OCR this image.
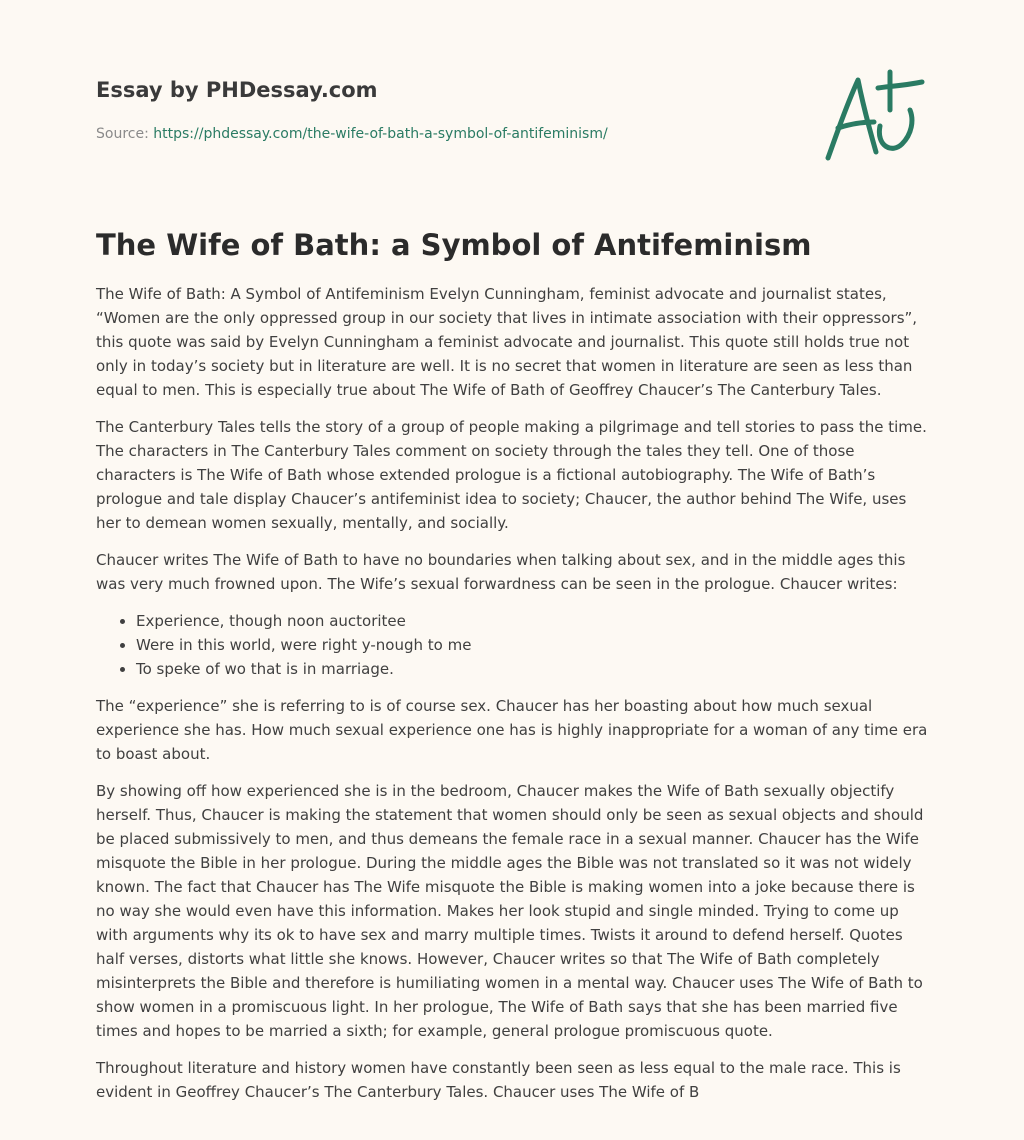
Essay by PHDessay.com
Source: https://phdessay.com/the-wife-of-bath-a-symbol-of-antifeminism/
The Wife of Bath: a Symbol of Antifeminism

The Wife of Bath: A Symbol of Antifeminism Evelyn Cunningham, feminist advocate and journalist states, “Women are the only oppressed group in our society that lives in intimate association with their oppressors”, this quote was said by Evelyn Cunningham a feminist advocate and journalist. This quote still holds true not only in today’s society but in literature are well. It is no secret that women in literature are seen as less than equal to men. This is especially true about The Wife of Bath of Geoffrey Chaucer’s The Canterbury Tales.

The Canterbury Tales tells the story of a group of people making a pilgrimage and tell stories to pass the time. The characters in The Canterbury Tales comment on society through the tales they tell. One of those characters is The Wife of Bath whose extended prologue is a fictional autobiography. The Wife of Bath’s prologue and tale display Chaucer’s antifeminist idea to society; Chaucer, the author behind The Wife, uses her to demean women sexually, mentally, and socially.

Chaucer writes The Wife of Bath to have no boundaries when talking about sex, and in the middle ages this was very much frowned upon. The Wife’s sexual forwardness can be seen in the prologue. Chaucer writes:

• Experience, though noon auctoritee
• Were in this world, were right y-nough to me
• To speke of wo that is in marriage.

The “experience” she is referring to is of course sex. Chaucer has her boasting about how much sexual experience she has. How much sexual experience one has is highly inappropriate for a woman of any time era to boast about.

By showing off how experienced she is in the bedroom, Chaucer makes the Wife of Bath sexually objectify herself. Thus, Chaucer is making the statement that women should only be seen as sexual objects and should be placed submissively to men, and thus demeans the female race in a sexual manner. Chaucer has the Wife misquote the Bible in her prologue. During the middle ages the Bible was not translated so it was not widely known. The fact that Chaucer has The Wife misquote the Bible is making women into a joke because there is no way she would even have this information. Makes her look stupid and single minded. Trying to come up with arguments why its ok to have sex and marry multiple times. Twists it around to defend herself. Quotes half verses, distorts what little she knows. However, Chaucer writes so that The Wife of Bath completely misinterprets the Bible and therefore is humiliating women in a mental way. Chaucer uses The Wife of Bath to show women in a promiscuous light. In her prologue, The Wife of Bath says that she has been married five times and hopes to be married a sixth; for example, general prologue promiscuous quote.

Throughout literature and history women have constantly been seen as less equal to the male race. This is evident in Geoffrey Chaucer’s The Canterbury Tales. Chaucer uses The Wife of B
